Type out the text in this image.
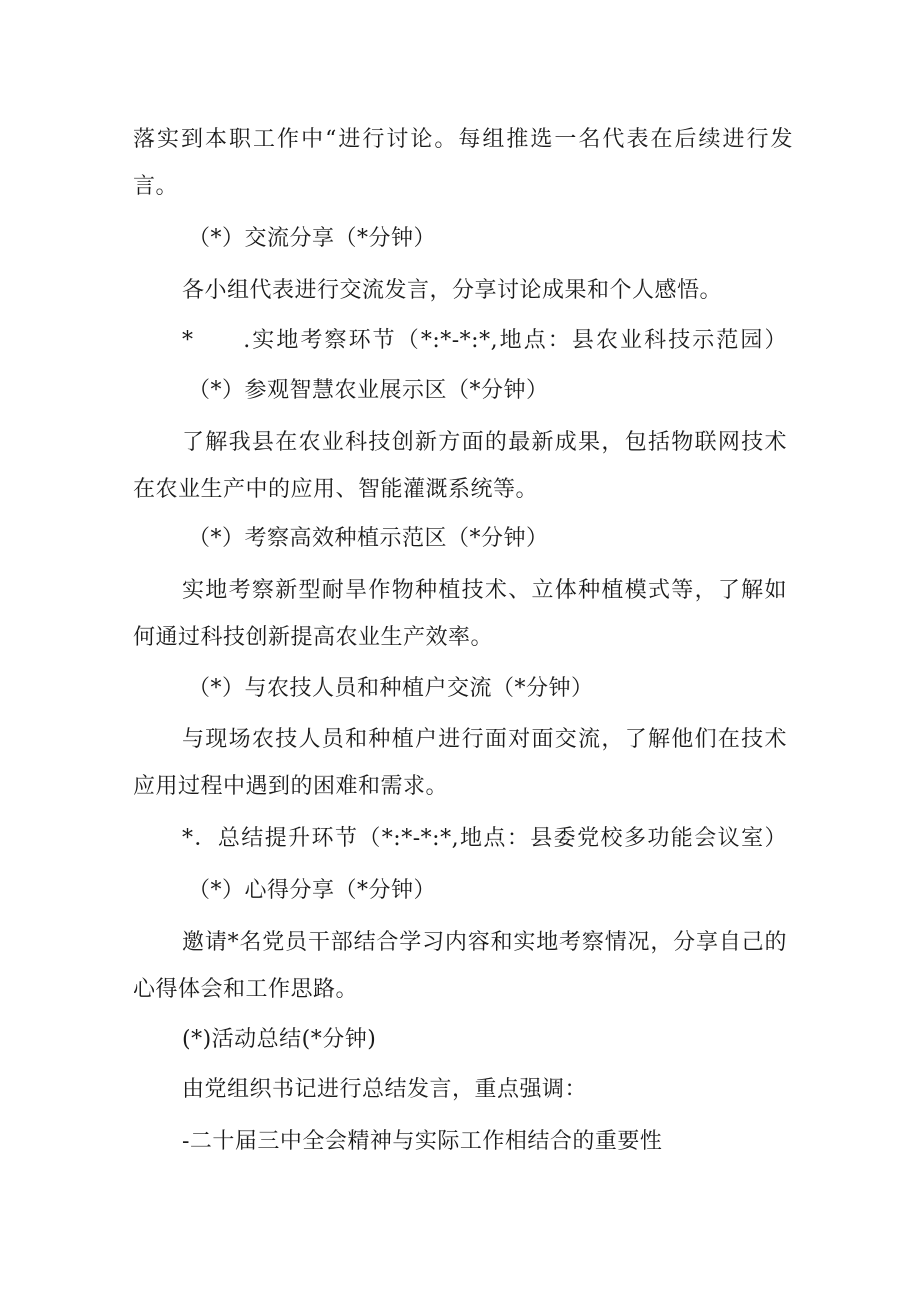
落实到本职工作中“进行讨论。每组推选一名代表在后续进行发
言。
（*）交流分享（*分钟）
各小组代表进行交流发言，分享讨论成果和个人感悟。
*　　.实地考察环节（*:*-*:*,地点：县农业科技示范园）
（*）参观智慧农业展示区（*分钟）
了解我县在农业科技创新方面的最新成果，包括物联网技术
在农业生产中的应用、智能灌溉系统等。
（*）考察高效种植示范区（*分钟）
实地考察新型耐旱作物种植技术、立体种植模式等，了解如
何通过科技创新提高农业生产效率。
（*）与农技人员和种植户交流（*分钟）
与现场农技人员和种植户进行面对面交流，了解他们在技术
应用过程中遇到的困难和需求。
*．总结提升环节（*:*-*:*,地点：县委党校多功能会议室）
（*）心得分享（*分钟）
邀请*名党员干部结合学习内容和实地考察情况，分享自己的
心得体会和工作思路。
(*)活动总结(*分钟)
由党组织书记进行总结发言，重点强调：
-二十届三中全会精神与实际工作相结合的重要性
